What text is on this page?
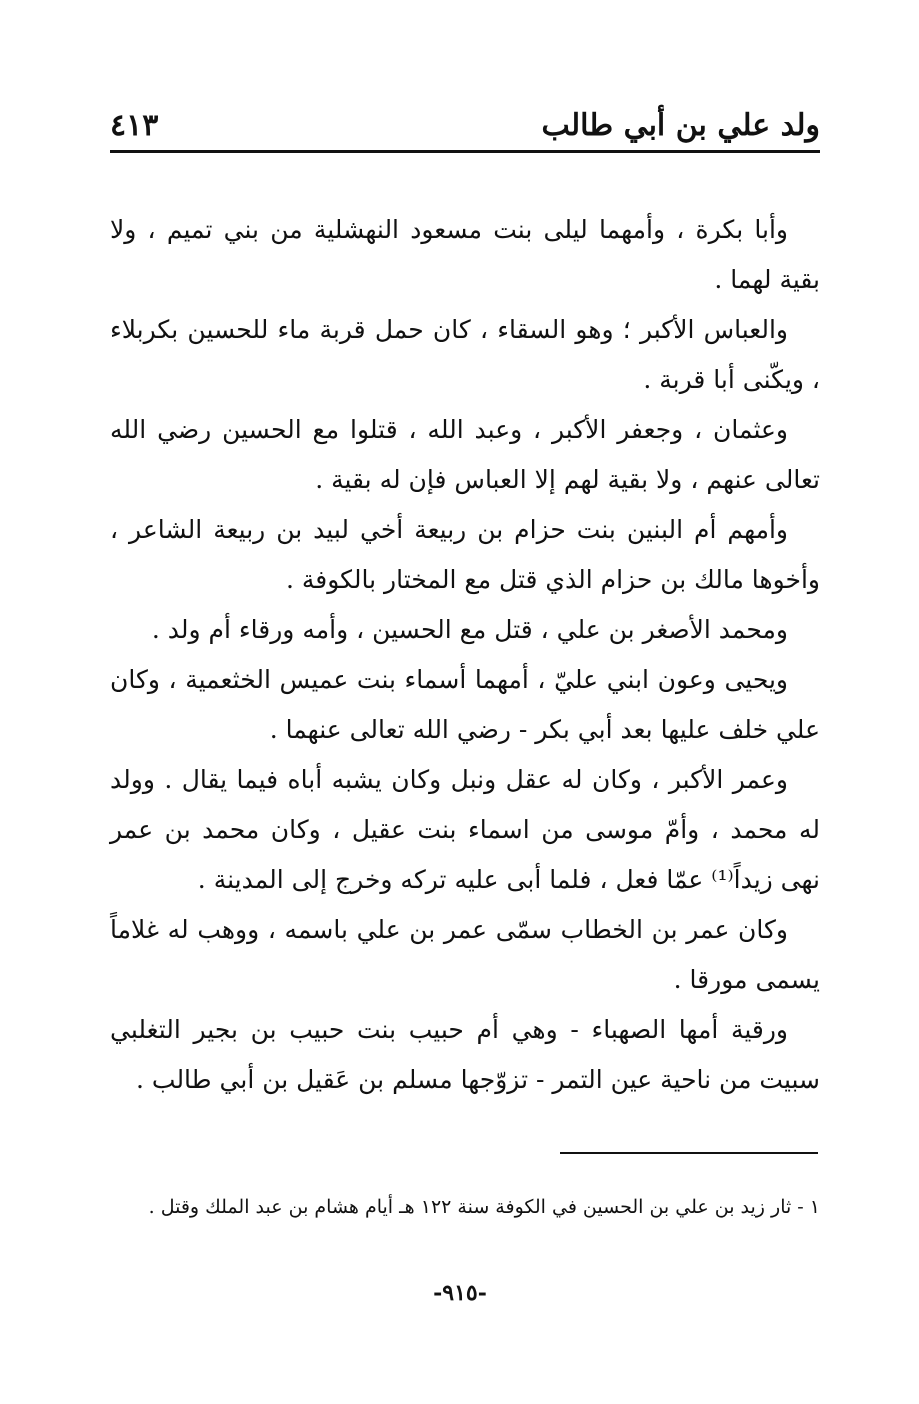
ولد علي بن أبي طالب
٤١٣

وأبا بكرة ، وأمهما ليلى بنت مسعود النهشلية من بني تميم ، ولا بقية لهما .

والعباس الأكبر ؛ وهو السقاء ، كان حمل قربة ماء للحسين بكربلاء ، ويكّنى أبا قربة .

وعثمان ، وجعفر الأكبر ، وعبد الله ، قتلوا مع الحسين رضي الله تعالى عنهم ، ولا بقية لهم إلا العباس فإن له بقية .

وأمهم أم البنين بنت حزام بن ربيعة أخي لبيد بن ربيعة الشاعر ، وأخوها مالك بن حزام الذي قتل مع المختار بالكوفة .

ومحمد الأصغر بن علي ، قتل مع الحسين ، وأمه ورقاء أم ولد .

ويحيى وعون ابني عليّ ، أمهما أسماء بنت عميس الخثعمية ، وكان علي خلف عليها بعد أبي بكر - رضي الله تعالى عنهما .

وعمر الأكبر ، وكان له عقل ونبل وكان يشبه أباه فيما يقال . وولد له محمد ، وأمّ موسى من اسماء بنت عقيل ، وكان محمد بن عمر نهى زيداً⁽¹⁾ عمّا فعل ، فلما أبى عليه تركه وخرج إلى المدينة .

وكان عمر بن الخطاب سمّى عمر بن علي باسمه ، ووهب له غلاماً يسمى مورقا .

ورقية أمها الصهباء - وهي أم حبيب بنت حبيب بن بجير التغلبي سبيت من ناحية عين التمر - تزوّجها مسلم بن عَقيل بن أبي طالب .

١ - ثار زيد بن علي بن الحسين في الكوفة سنة ١٢٢ هـ أيام هشام بن عبد الملك وقتل .
-٩١٥-
